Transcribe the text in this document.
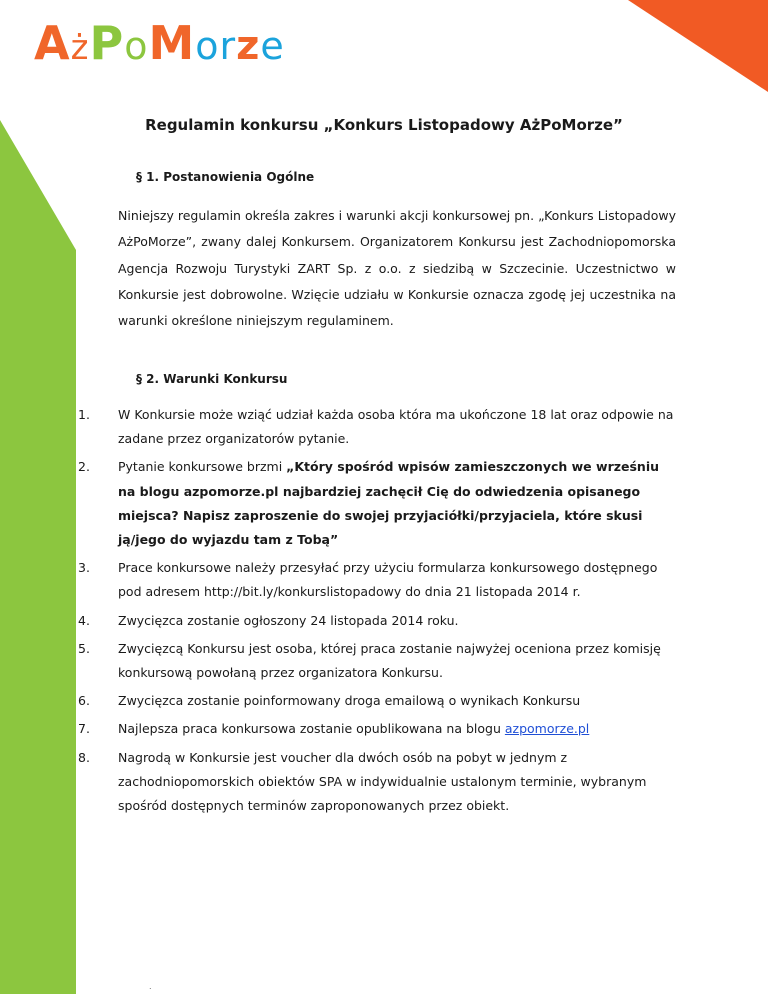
AżPoMorze
Regulamin konkursu „Konkurs Listopadowy AżPoMorze”
§ 1. Postanowienia Ogólne
Niniejszy regulamin określa zakres i warunki akcji konkursowej pn. „Konkurs Listopadowy AżPoMorze”, zwany dalej Konkursem. Organizatorem Konkursu jest Zachodniopomorska Agencja Rozwoju Turystyki ZART Sp. z o.o. z siedzibą w Szczecinie. Uczestnictwo w Konkursie jest dobrowolne. Wzięcie udziału w Konkursie oznacza zgodę jej uczestnika na warunki określone niniejszym regulaminem.
§ 2. Warunki Konkursu
1. W Konkursie może wziąć udział każda osoba która ma ukończone 18 lat oraz odpowie na zadane przez organizatorów pytanie.
2. Pytanie konkursowe brzmi „Który spośród wpisów zamieszczonych we wrześniu na blogu azpomorze.pl najbardziej zachęcił Cię do odwiedzenia opisanego miejsca? Napisz zaproszenie do swojej przyjaciółki/przyjaciela, które skusi ją/jego do wyjazdu tam z Tobą”
3. Prace konkursowe należy przesyłać przy użyciu formularza konkursowego dostępnego pod adresem http://bit.ly/konkurslistopadowy do dnia 21 listopada 2014 r.
4. Zwycięzca zostanie ogłoszony 24 listopada 2014 roku.
5. Zwycięzcą Konkursu jest osoba, której praca zostanie najwyżej oceniona przez komisję konkursową powołaną przez organizatora Konkursu.
6. Zwycięzca zostanie poinformowany droga emailową o wynikach Konkursu
7. Najlepsza praca konkursowa zostanie opublikowana na blogu azpomorze.pl
8. Nagrodą w Konkursie jest voucher dla dwóch osób na pobyt w jednym z zachodniopomorskich obiektów SPA w indywidualnie ustalonym terminie, wybranym spośród dostępnych terminów zaproponowanych przez obiekt.
.
